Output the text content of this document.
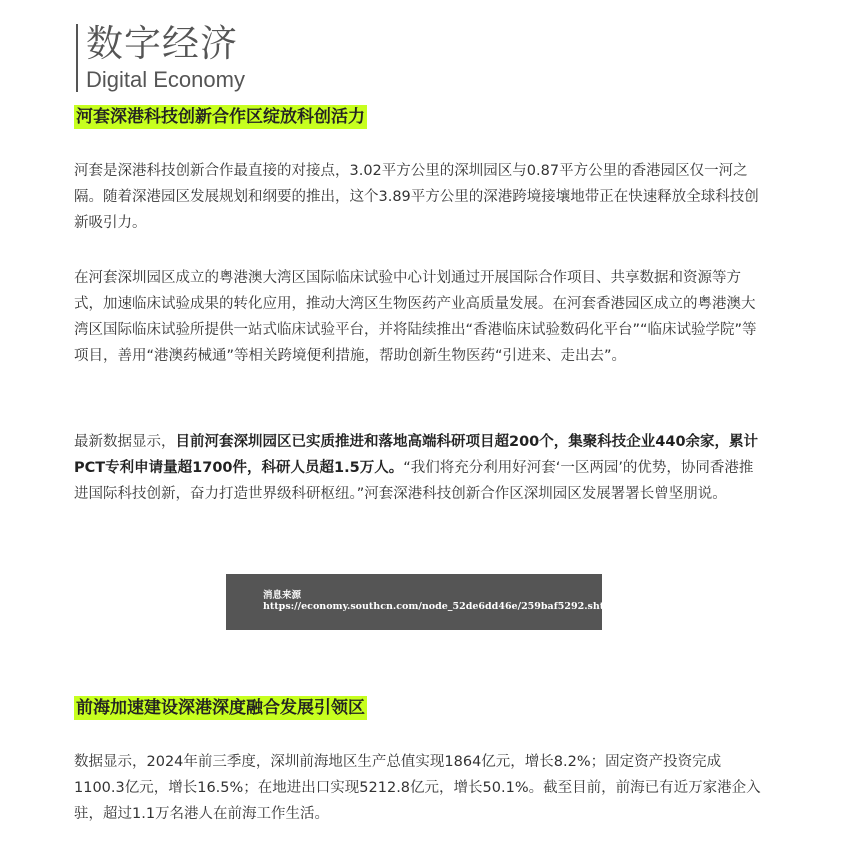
数字经济
Digital Economy
河套深港科技创新合作区绽放科创活力

河套是深港科技创新合作最直接的对接点，3.02平方公里的深圳园区与0.87平方公里的香港园区仅一河之隔。随着深港园区发展规划和纲要的推出，这个3.89平方公里的深港跨境接壤地带正在快速释放全球科技创新吸引力。

在河套深圳园区成立的粤港澳大湾区国际临床试验中心计划通过开展国际合作项目、共享数据和资源等方式，加速临床试验成果的转化应用，推动大湾区生物医药产业高质量发展。在河套香港园区成立的粤港澳大湾区国际临床试验所提供一站式临床试验平台，并将陆续推出“香港临床试验数码化平台”“临床试验学院”等项目，善用“港澳药械通”等相关跨境便利措施，帮助创新生物医药“引进来、走出去”。

最新数据显示，目前河套深圳园区已实质推进和落地高端科研项目超200个，集聚科技企业440余家，累计PCT专利申请量超1700件，科研人员超1.5万人。“我们将充分利用好河套‘一区两园’的优势，协同香港推进国际科技创新，奋力打造世界级科研枢纽。”河套深港科技创新合作区深圳园区发展署署长曾坚朋说。

消息来源
https://economy.southcn.com/node_52de6dd46e/259baf5292.shtml
前海加速建设深港深度融合发展引领区

数据显示，2024年前三季度，深圳前海地区生产总值实现1864亿元，增长8.2%；固定资产投资完成1100.3亿元，增长16.5%；在地进出口实现5212.8亿元，增长50.1%。截至目前，前海已有近万家港企入驻，超过1.1万名港人在前海工作生活。
